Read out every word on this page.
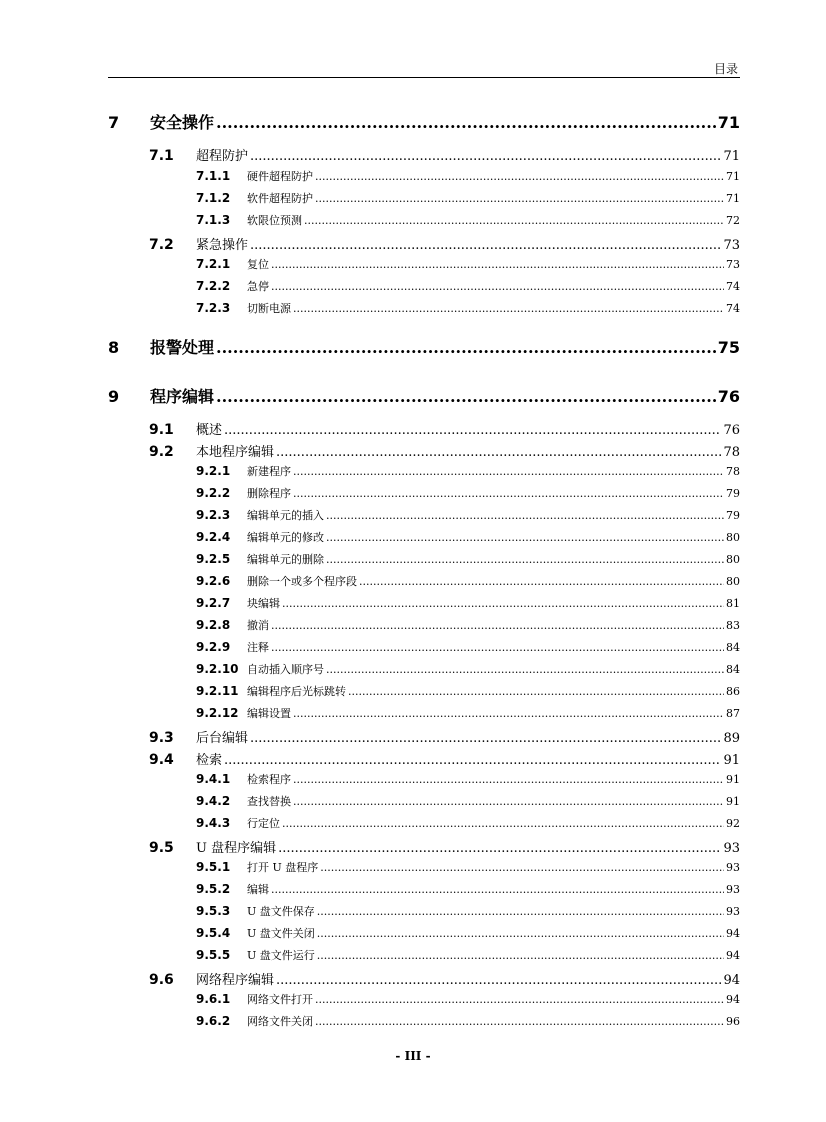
目录
7	安全操作 .....	71
7.1	超程防护 .....	71
7.1.1	硬件超程防护 .....	71
7.1.2	软件超程防护 .....	71
7.1.3	软限位预测 .....	72
7.2	紧急操作 .....	73
7.2.1	复位 .....	73
7.2.2	急停 .....	74
7.2.3	切断电源 .....	74
8	报警处理 .....	75
9	程序编辑 .....	76
9.1	概述 .....	76
9.2	本地程序编辑 .....	78
9.2.1	新建程序 .....	78
9.2.2	删除程序 .....	79
9.2.3	编辑单元的插入 .....	79
9.2.4	编辑单元的修改 .....	80
9.2.5	编辑单元的删除 .....	80
9.2.6	删除一个或多个程序段 .....	80
9.2.7	块编辑 .....	81
9.2.8	撤消 .....	83
9.2.9	注释 .....	84
9.2.10 自动插入顺序号 .....	84
9.2.11 编辑程序后光标跳转 .....	86
9.2.12 编辑设置 .....	87
9.3	后台编辑 .....	89
9.4	检索 .....	91
9.4.1	检索程序 .....	91
9.4.2	查找替换 .....	91
9.4.3	行定位 .....	92
9.5	U 盘程序编辑 .....	93
9.5.1	打开 U 盘程序 .....	93
9.5.2	编辑 .....	93
9.5.3	U 盘文件保存 .....	93
9.5.4	U 盘文件关闭 .....	94
9.5.5	U 盘文件运行 .....	94
9.6	网络程序编辑 .....	94
9.6.1	网络文件打开 .....	94
9.6.2	网络文件关闭 .....	96
- III -
